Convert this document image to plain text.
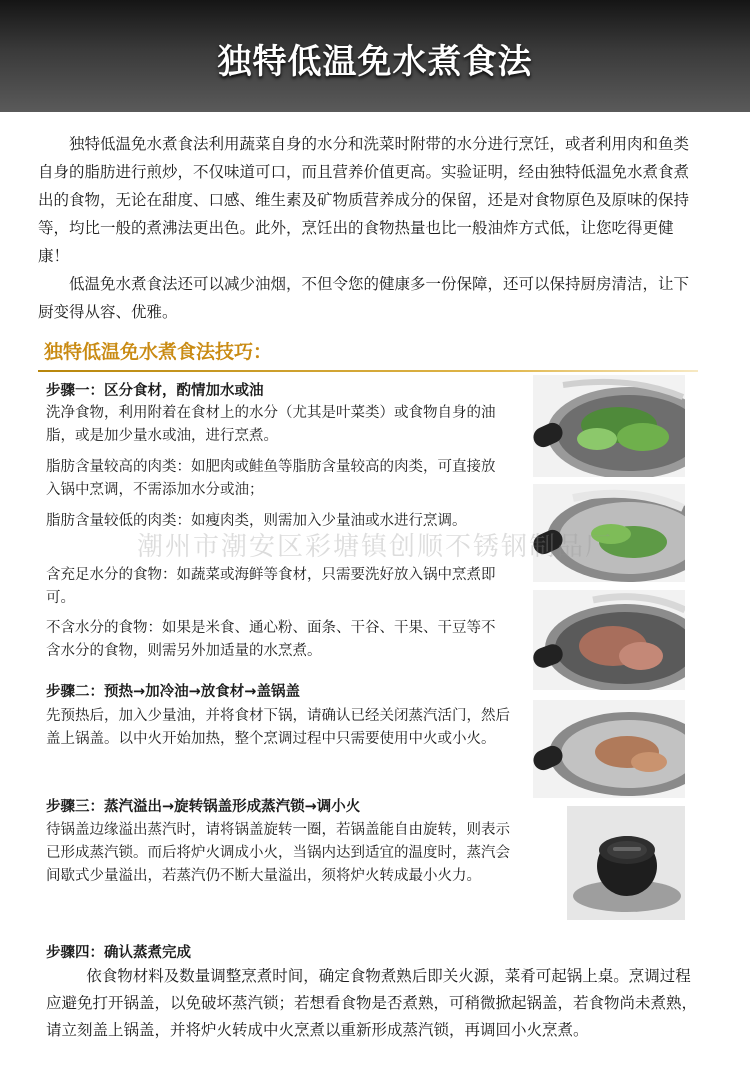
独特低温免水煮食法

独特低温免水煮食法利用蔬菜自身的水分和洗菜时附带的水分进行烹饪，或者利用肉和鱼类自身的脂肪进行煎炒，不仅味道可口，而且营养价值更高。实验证明，经由独特低温免水煮食煮出的食物，无论在甜度、口感、维生素及矿物质营养成分的保留，还是对食物原色及原味的保持等，均比一般的煮沸法更出色。此外，烹饪出的食物热量也比一般油炸方式低，让您吃得更健康！

低温免水煮食法还可以减少油烟，不但令您的健康多一份保障，还可以保持厨房清洁，让下厨变得从容、优雅。

独特低温免水煮食法技巧：
步骤一：区分食材，酌情加水或油

洗净食物，利用附着在食材上的水分（尤其是叶菜类）或食物自身的油脂，或是加少量水或油，进行烹煮。

脂肪含量较高的肉类：如肥肉或鲑鱼等脂肪含量较高的肉类，可直接放入锅中烹调，不需添加水分或油；

脂肪含量较低的肉类：如瘦肉类，则需加入少量油或水进行烹调。

含充足水分的食物：如蔬菜或海鲜等食材，只需要洗好放入锅中烹煮即可。

不含水分的食物：如果是米食、通心粉、面条、干谷、干果、干豆等不含水分的食物，则需另外加适量的水烹煮。

步骤二：预热→加冷油→放食材→盖锅盖

先预热后，加入少量油，并将食材下锅，请确认已经关闭蒸汽活门，然后盖上锅盖。以中火开始加热，整个烹调过程中只需要使用中火或小火。

步骤三：蒸汽溢出→旋转锅盖形成蒸汽锁→调小火

待锅盖边缘溢出蒸汽时，请将锅盖旋转一圈，若锅盖能自由旋转，则表示已形成蒸汽锁。而后将炉火调成小火，当锅内达到适宜的温度时，蒸汽会间歇式少量溢出，若蒸汽仍不断大量溢出，须将炉火转成最小火力。

步骤四：确认蒸煮完成

依食物材料及数量调整烹煮时间，确定食物煮熟后即关火源，菜肴可起锅上桌。烹调过程应避免打开锅盖，以免破坏蒸汽锁；若想看食物是否煮熟，可稍微掀起锅盖，若食物尚未煮熟，请立刻盖上锅盖，并将炉火转成中火烹煮以重新形成蒸汽锁，再调回小火烹煮。

潮州市潮安区彩塘镇创顺不锈钢制品厂
